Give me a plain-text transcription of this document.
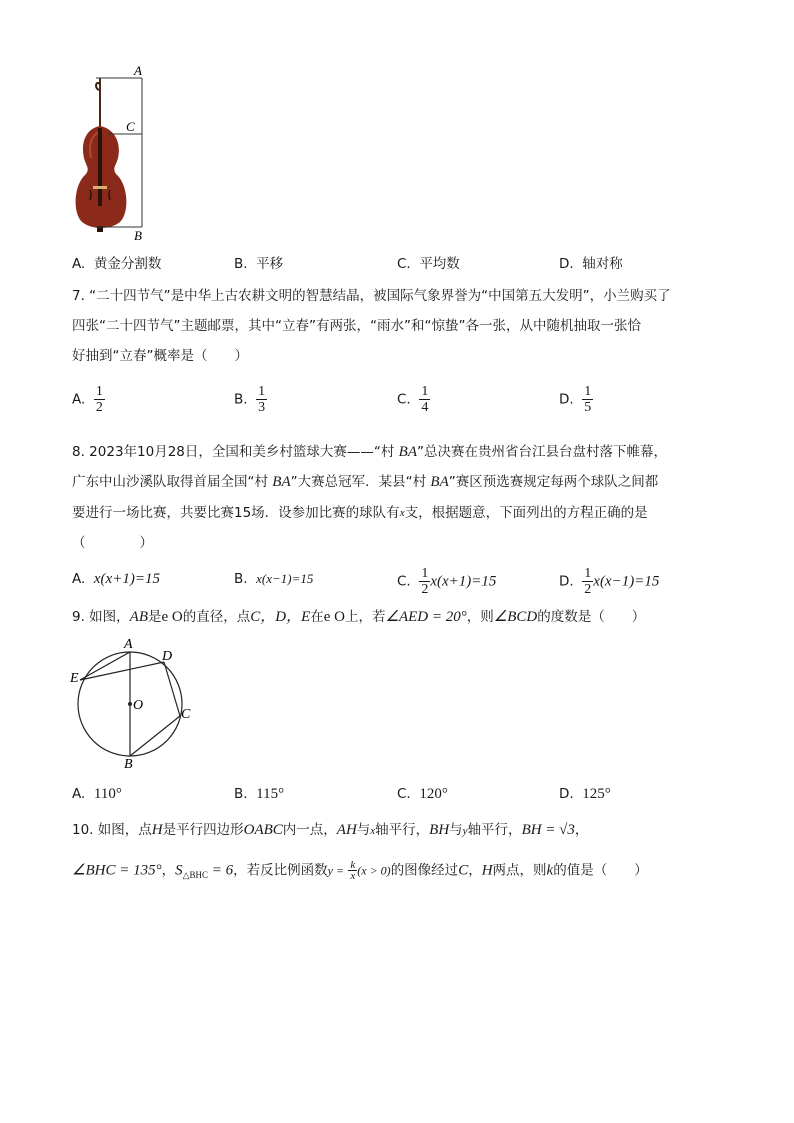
A
C
B
A. 黄金分割数	B. 平移	C. 平均数	D. 轴对称
7. “二十四节气”是中华上古农耕文明的智慧结晶，被国际气象界誉为“中国第五大发明”，小兰购买了
四张“二十四节气”主题邮票，其中“立春”有两张，“雨水”和“惊蛰”各一张，从中随机抽取一张恰
好抽到“立春”概率是（　　）
A. $\frac{1}{2}$	B. $\frac{1}{3}$	C. $\frac{1}{4}$	D. $\frac{1}{5}$
8. 2023年10月28日，全国和美乡村篮球大赛——“村 BA”总决赛在贵州省台江县台盘村落下帷幕，
广东中山沙溪队取得首届全国“村 BA”大赛总冠军．某县“村 BA”赛区预选赛规定每两个球队之间都
要进行一场比赛，共要比赛15场．设参加比赛的球队有$^x$支，根据题意，下面列出的方程正确的是
（　　　　）
A. x(x+1)=15	B. x(x−1)=15	C. $\frac{1}{2} x(x+1)=15$	D. $\frac{1}{2} x(x-1)=15$
9. 如图，AB是e O的直径，点C，D，E在e O上，若∠AED = 20°，则∠BCD的度数是（　　）
A
D
E
O
C
B
A. 110°	B. 115°	C. 120°	D. 125°
10. 如图，点H是平行四边形OABC内一点，AH与x轴平行，BH与y轴平行，BH = √3，
∠BHC = 135°，$S_{\triangle BHC} = 6$，若反比例函数$y = \frac{k}{x} (x > 0)$的图像经过C，H两点，则k的值是（　　）
